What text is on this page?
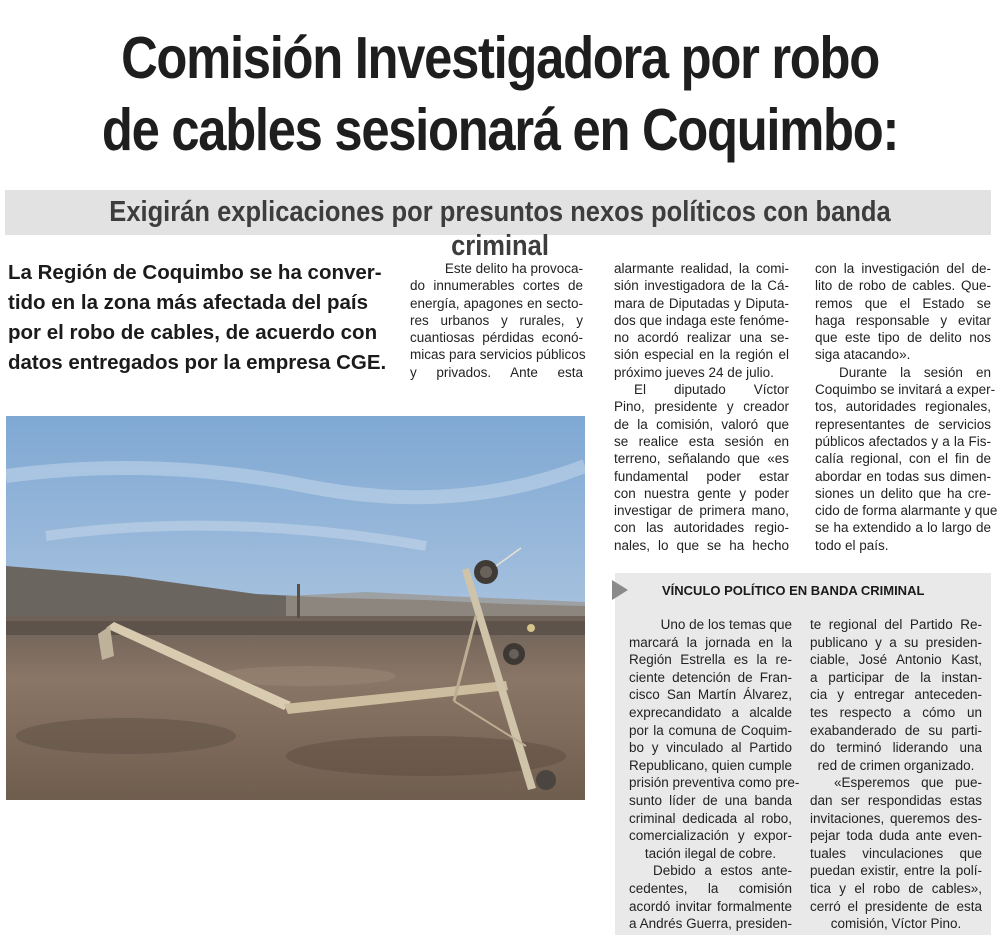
Comisión Investigadora por robo
de cables sesionará en Coquimbo:
Exigirán explicaciones por presuntos nexos políticos con banda criminal
La Región de Coquimbo se ha conver-
tido en la zona más afectada del país
por el robo de cables, de acuerdo con
datos entregados por la empresa CGE.
Este delito ha provoca-
do innumerables cortes de
energía, apagones en secto-
res urbanos y rurales, y
cuantiosas pérdidas econó-
micas para servicios públicos
y privados. Ante esta
alarmante realidad, la comi-
sión investigadora de la Cá-
mara de Diputadas y Diputa-
dos que indaga este fenóme-
no acordó realizar una se-
sión especial en la región el
próximo jueves 24 de julio.
El diputado Víctor
Pino, presidente y creador
de la comisión, valoró que
se realice esta sesión en
terreno, señalando que «es
fundamental poder estar
con nuestra gente y poder
investigar de primera mano,
con las autoridades regio-
nales, lo que se ha hecho
con la investigación del de-
lito de robo de cables. Que-
remos que el Estado se
haga responsable y evitar
que este tipo de delito nos
siga atacando».
Durante la sesión en
Coquimbo se invitará a exper-
tos, autoridades regionales,
representantes de servicios
públicos afectados y a la Fis-
calía regional, con el fin de
abordar en todas sus dimen-
siones un delito que ha cre-
cido de forma alarmante y que
se ha extendido a lo largo de
todo el país.
VÍNCULO POLÍTICO EN BANDA CRIMINAL
Uno de los temas que
marcará la jornada en la
Región Estrella es la re-
ciente detención de Fran-
cisco San Martín Álvarez,
exprecandidato a alcalde
por la comuna de Coquim-
bo y vinculado al Partido
Republicano, quien cumple
prisión preventiva como pre-
sunto líder de una banda
criminal dedicada al robo,
comercialización y expor-
tación ilegal de cobre.
Debido a estos ante-
cedentes, la comisión
acordó invitar formalmente
a Andrés Guerra, presiden-
te regional del Partido Re-
publicano y a su presiden-
ciable, José Antonio Kast,
a participar de la instan-
cia y entregar anteceden-
tes respecto a cómo un
exabanderado de su parti-
do terminó liderando una
red de crimen organizado.
«Esperemos que pue-
dan ser respondidas estas
invitaciones, queremos des-
pejar toda duda ante even-
tuales vinculaciones que
puedan existir, entre la polí-
tica y el robo de cables»,
cerró el presidente de esta
comisión, Víctor Pino.
